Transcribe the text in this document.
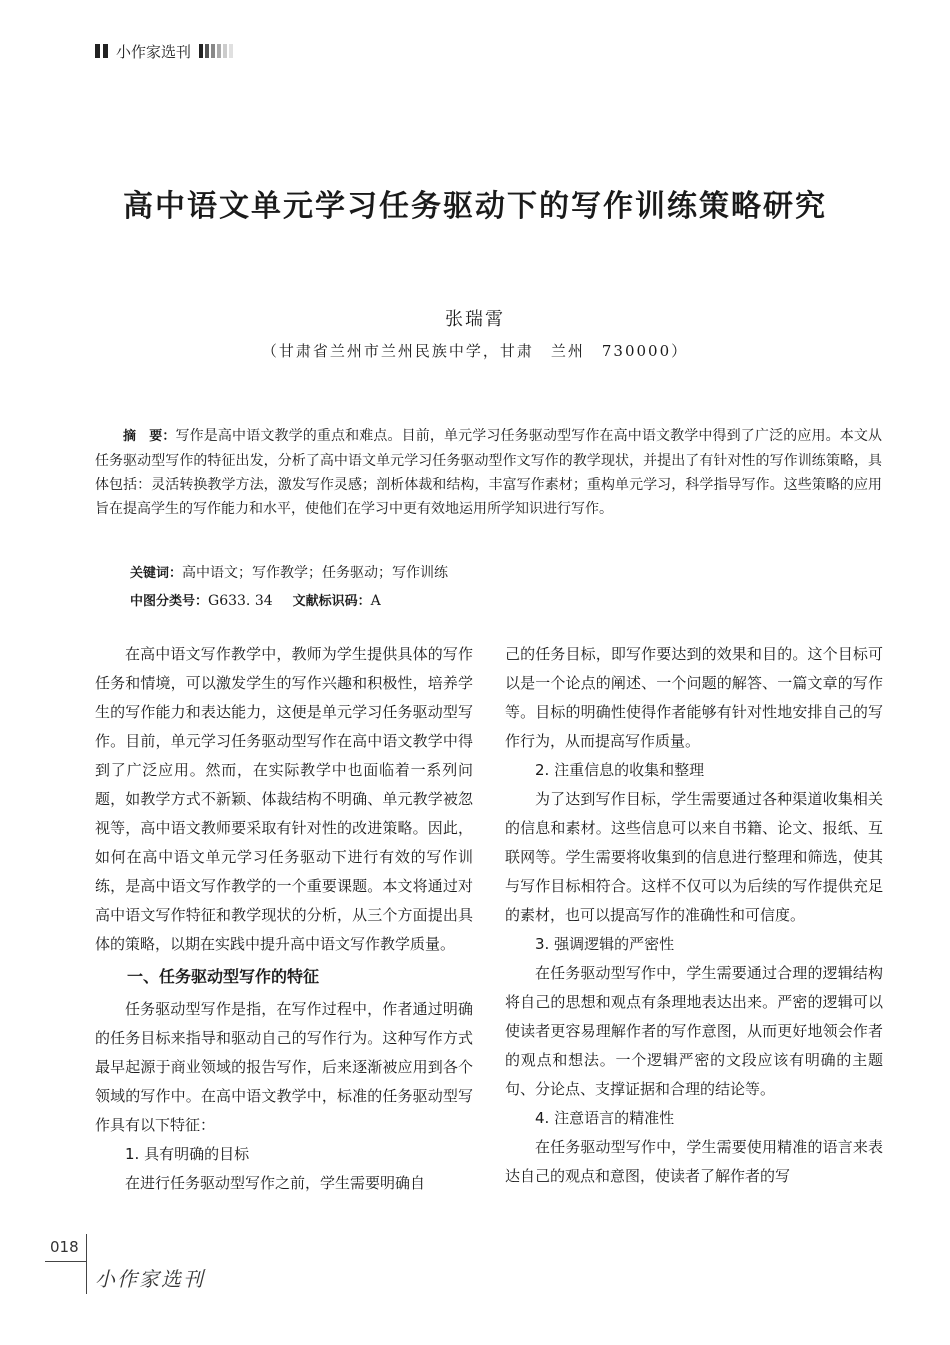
小作家选刊
高中语文单元学习任务驱动下的写作训练策略研究
张瑞霄
（甘肃省兰州市兰州民族中学，甘肃　兰州　730000）

摘　要：写作是高中语文教学的重点和难点。目前，单元学习任务驱动型写作在高中语文教学中得到了广泛的应用。本文从任务驱动型写作的特征出发，分析了高中语文单元学习任务驱动型作文写作的教学现状，并提出了有针对性的写作训练策略，具体包括：灵活转换教学方法，激发写作灵感；剖析体裁和结构，丰富写作素材；重构单元学习，科学指导写作。这些策略的应用旨在提高学生的写作能力和水平，使他们在学习中更有效地运用所学知识进行写作。

关键词：高中语文；写作教学；任务驱动；写作训练
中图分类号：G633. 34 文献标识码：A

在高中语文写作教学中，教师为学生提供具体的写作任务和情境，可以激发学生的写作兴趣和积极性，培养学生的写作能力和表达能力，这便是单元学习任务驱动型写作。目前，单元学习任务驱动型写作在高中语文教学中得到了广泛应用。然而，在实际教学中也面临着一系列问题，如教学方式不新颖、体裁结构不明确、单元教学被忽视等，高中语文教师要采取有针对性的改进策略。因此，如何在高中语文单元学习任务驱动下进行有效的写作训练，是高中语文写作教学的一个重要课题。本文将通过对高中语文写作特征和教学现状的分析，从三个方面提出具体的策略，以期在实践中提升高中语文写作教学质量。

一、任务驱动型写作的特征

任务驱动型写作是指，在写作过程中，作者通过明确的任务目标来指导和驱动自己的写作行为。这种写作方式最早起源于商业领域的报告写作，后来逐渐被应用到各个领域的写作中。在高中语文教学中，标准的任务驱动型写作具有以下特征：

1. 具有明确的目标

在进行任务驱动型写作之前，学生需要明确自

己的任务目标，即写作要达到的效果和目的。这个目标可以是一个论点的阐述、一个问题的解答、一篇文章的写作等。目标的明确性使得作者能够有针对性地安排自己的写作行为，从而提高写作质量。

2. 注重信息的收集和整理

为了达到写作目标，学生需要通过各种渠道收集相关的信息和素材。这些信息可以来自书籍、论文、报纸、互联网等。学生需要将收集到的信息进行整理和筛选，使其与写作目标相符合。这样不仅可以为后续的写作提供充足的素材，也可以提高写作的准确性和可信度。

3. 强调逻辑的严密性

在任务驱动型写作中，学生需要通过合理的逻辑结构将自己的思想和观点有条理地表达出来。严密的逻辑可以使读者更容易理解作者的写作意图，从而更好地领会作者的观点和想法。一个逻辑严密的文段应该有明确的主题句、分论点、支撑证据和合理的结论等。

4. 注意语言的精准性

在任务驱动型写作中，学生需要使用精准的语言来表达自己的观点和意图，使读者了解作者的写

018
小作家选刊
